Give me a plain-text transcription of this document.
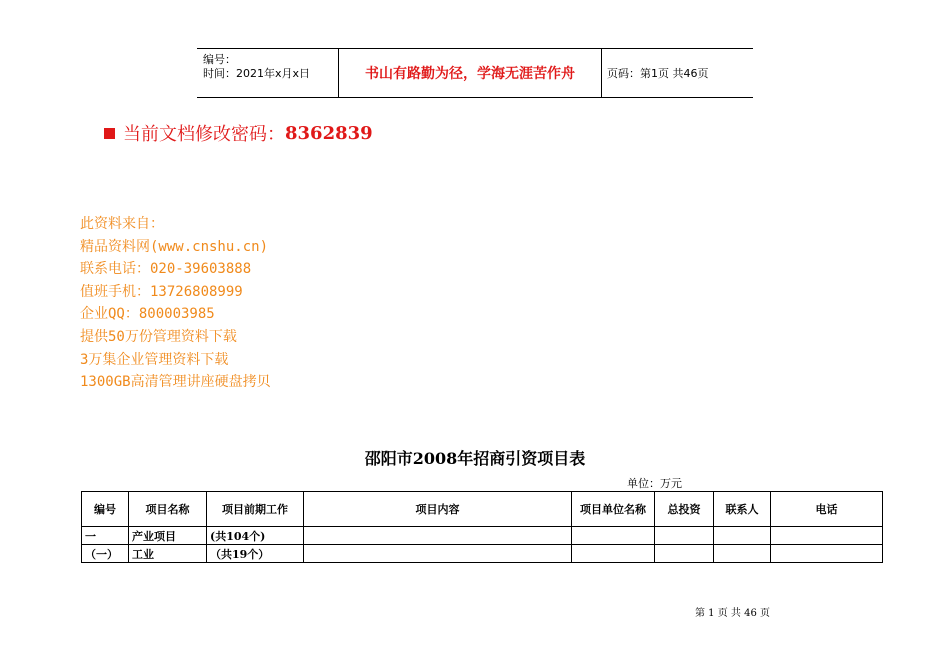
编号：
时间：2021年x月x日	书山有路勤为径，学海无涯苦作舟	页码：第1页 共46页
当前文档修改密码： 8362839
此资料来自：
精品资料网(www.cnshu.cn)
联系电话：020-39603888
值班手机：13726808999
企业QQ：800003985
提供50万份管理资料下载
3万集企业管理资料下载
1300GB高清管理讲座硬盘拷贝
邵阳市2008年招商引资项目表
单位：万元
编号	项目名称	项目前期工作	项目内容	项目单位名称	总投资	联系人	电话
一	产业项目	(共104个)					
（一）	工业	（共19个）					
第 1 页 共 46 页
